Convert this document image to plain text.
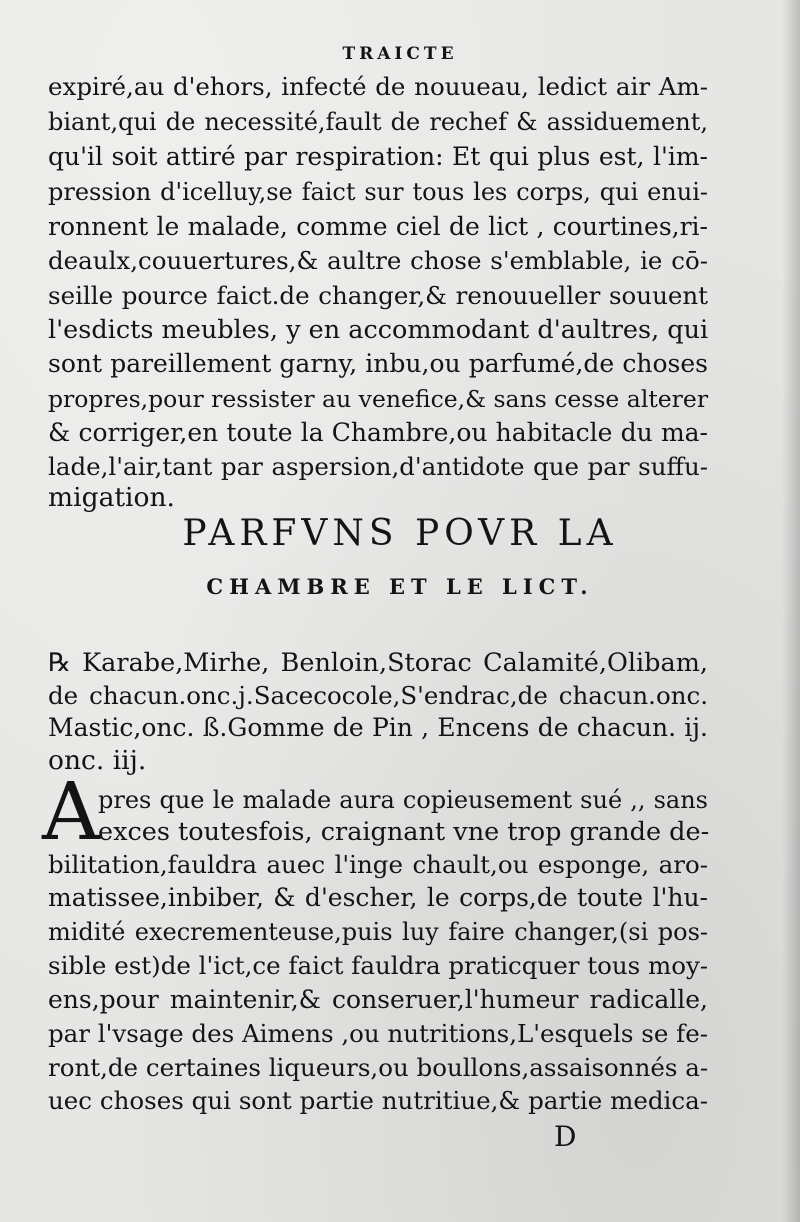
TRAICTE
expiré,au d'ehors, infecté de nouueau, ledict air Am-
biant,qui de necessité,fault de rechef & assiduement,
qu'il soit attiré par respiration: Et qui plus est, l'im-
pression d'icelluy,se faict sur tous les corps, qui enui-
ronnent le malade, comme ciel de lict , courtines,ri-
deaulx,couuertures,& aultre chose s'emblable, ie cō-
seille pource faict.de changer,& renouueller souuent
l'esdicts meubles, y en accommodant d'aultres, qui
sont pareillement garny, inbu,ou parfumé,de choses
propres,pour ressister au venefice,& sans cesse alterer
& corriger,en toute la Chambre,ou habitacle du ma-
lade,l'air,tant par aspersion,d'antidote que par suffu-
migation.
PARFVNS POVR LA
CHAMBRE ET LE LICT.
℞ Karabe,Mirhe, Benloin,Storac Calamité,Olibam,
de chacun.onc.j.Sacecocole,S'endrac,de chacun.onc.
Mastic,onc. ß.Gomme de Pin , Encens de chacun. ij.
onc. iij.
A
pres que le malade aura copieusement sué ,, sans
exces toutesfois, craignant vne trop grande de-
bilitation,fauldra auec l'inge chault,ou esponge, aro-
matissee,inbiber, & d'escher, le corps,de toute l'hu-
midité execrementeuse,puis luy faire changer,(si pos-
sible est)de l'ict,ce faict fauldra praticquer tous moy-
ens,pour maintenir,& conseruer,l'humeur radicalle,
par l'vsage des Aimens ,ou nutritions,L'esquels se fe-
ront,de certaines liqueurs,ou boullons,assaisonnés a-
uec choses qui sont partie nutritiue,& partie medica-
D
